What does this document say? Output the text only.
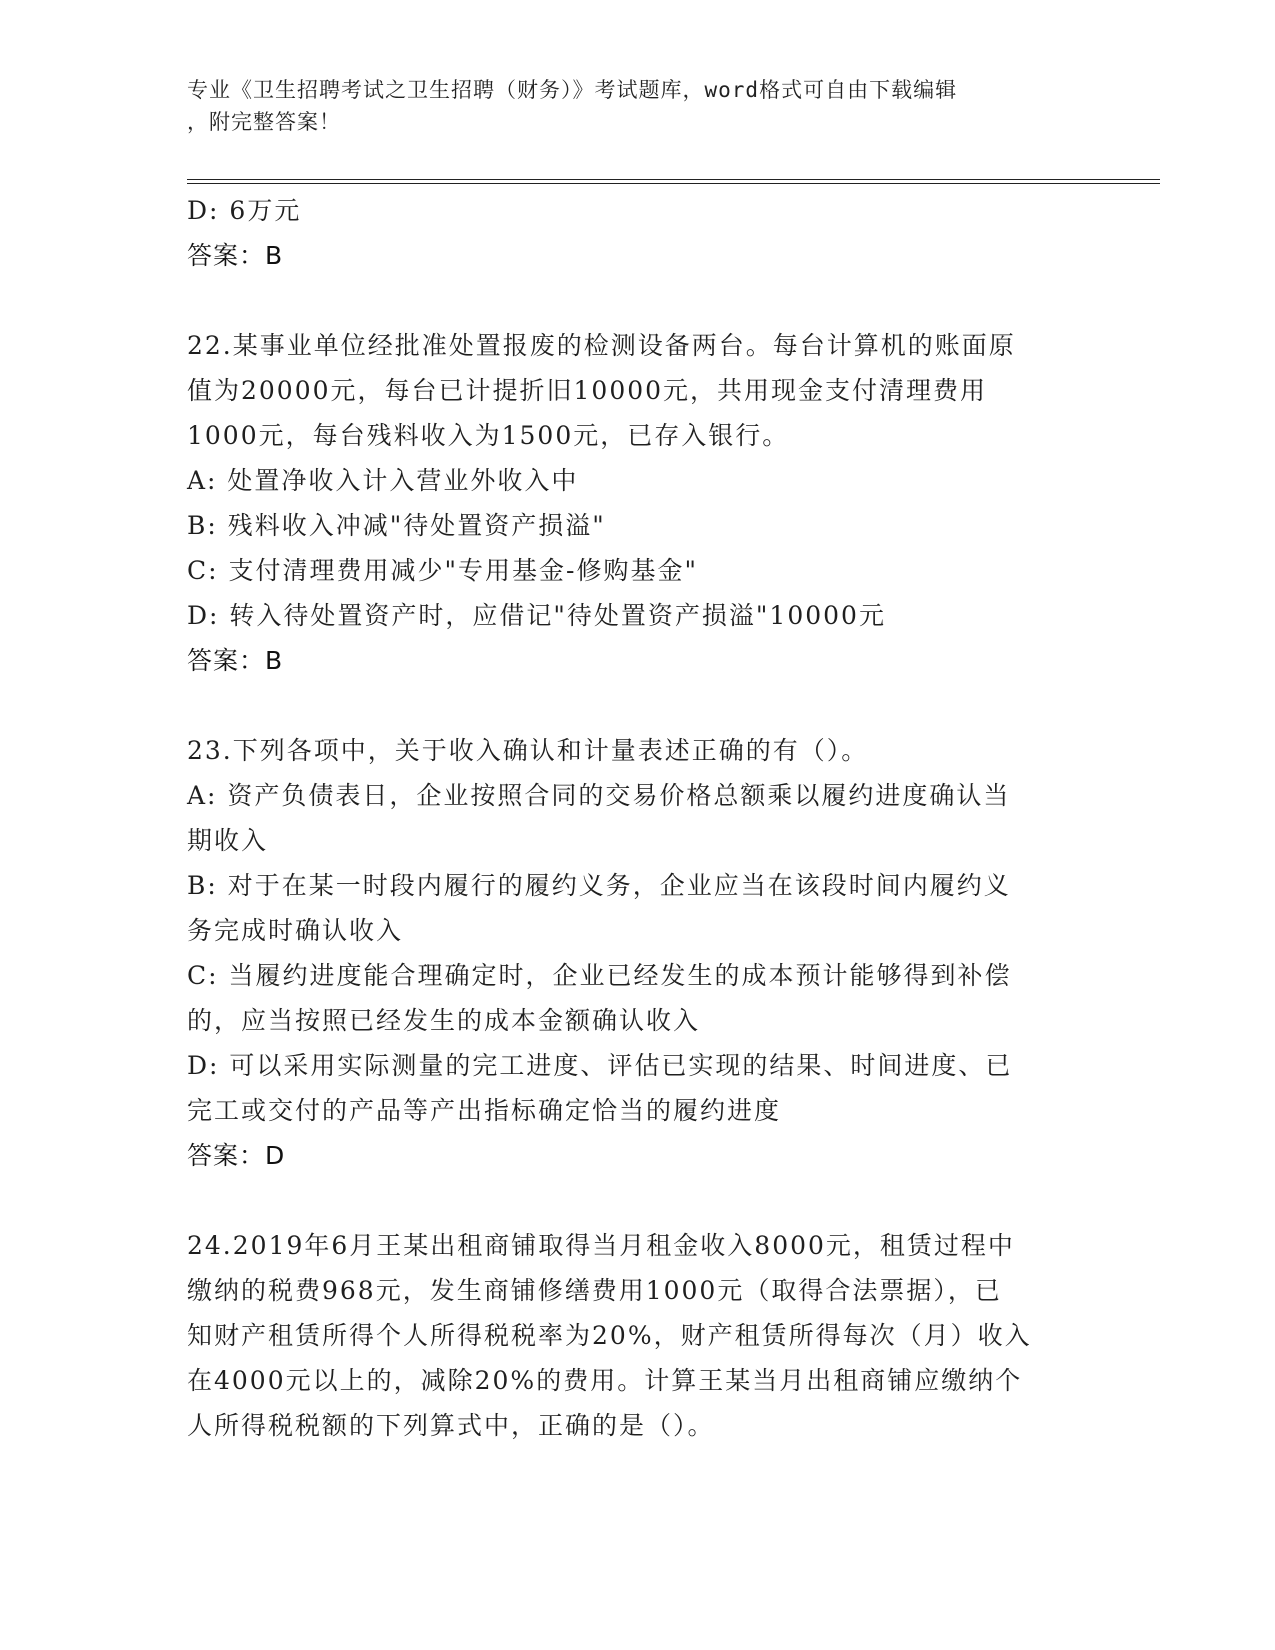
专业《卫生招聘考试之卫生招聘（财务）》考试题库，word格式可自由下载编辑
，附完整答案！
D: 6万元
答案：B
22.某事业单位经批准处置报废的检测设备两台。每台计算机的账面原
值为20000元，每台已计提折旧10000元，共用现金支付清理费用
1000元，每台残料收入为1500元，已存入银行。
A: 处置净收入计入营业外收入中
B: 残料收入冲减"待处置资产损溢"
C: 支付清理费用减少"专用基金-修购基金"
D: 转入待处置资产时，应借记"待处置资产损溢"10000元
答案：B
23.下列各项中，关于收入确认和计量表述正确的有（）。
A: 资产负债表日，企业按照合同的交易价格总额乘以履约进度确认当
期收入
B: 对于在某一时段内履行的履约义务，企业应当在该段时间内履约义
务完成时确认收入
C: 当履约进度能合理确定时，企业已经发生的成本预计能够得到补偿
的，应当按照已经发生的成本金额确认收入
D: 可以采用实际测量的完工进度、评估已实现的结果、时间进度、已
完工或交付的产品等产出指标确定恰当的履约进度
答案：D
24.2019年6月王某出租商铺取得当月租金收入8000元，租赁过程中
缴纳的税费968元，发生商铺修缮费用1000元（取得合法票据），已
知财产租赁所得个人所得税税率为20%，财产租赁所得每次（月）收入
在4000元以上的，减除20%的费用。计算王某当月出租商铺应缴纳个
人所得税税额的下列算式中，正确的是（）。
